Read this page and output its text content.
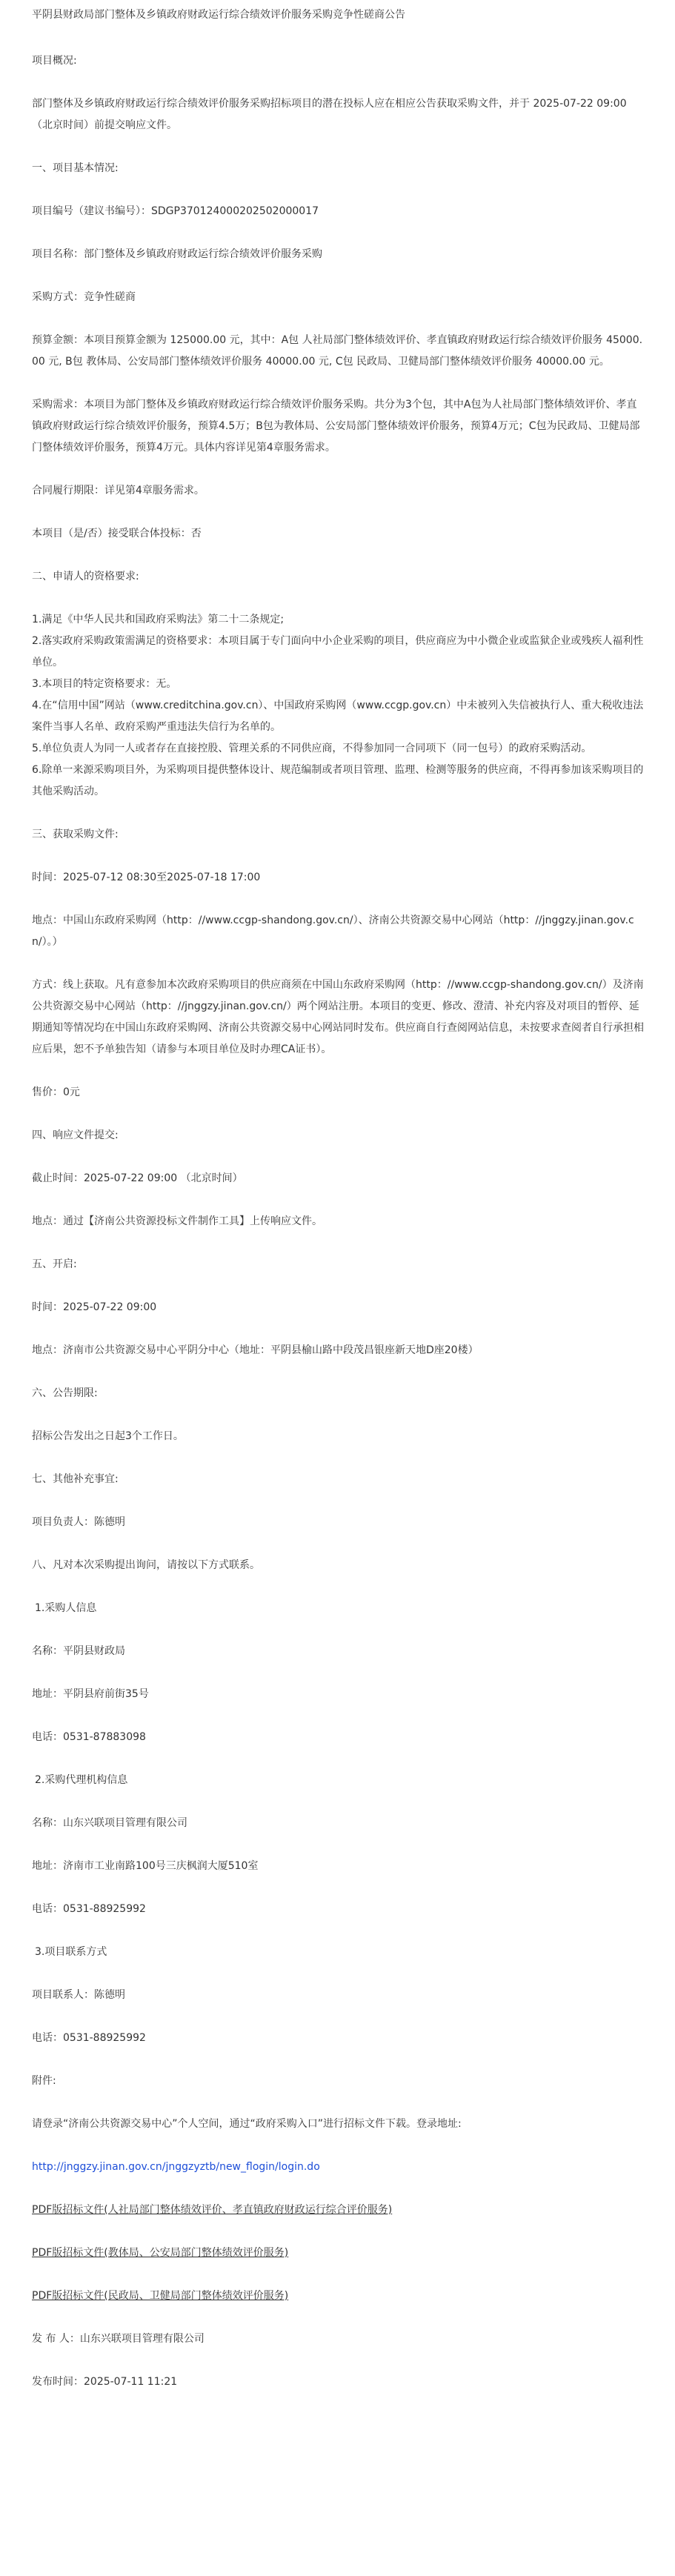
平阴县财政局部门整体及乡镇政府财政运行综合绩效评价服务采购竞争性磋商公告
项目概况:
部门整体及乡镇政府财政运行综合绩效评价服务采购招标项目的潜在投标人应在相应公告获取采购文件，并于 2025-07-22 09:00 （北京时间）前提交响应文件。
一、项目基本情况:
项目编号（建议书编号）：SDGP370124000202502000017
项目名称：部门整体及乡镇政府财政运行综合绩效评价服务采购
采购方式：竞争性磋商
预算金额：本项目预算金额为 125000.00 元，其中：A包 人社局部门整体绩效评价、孝直镇政府财政运行综合绩效评价服务 45000.00 元, B包 教体局、公安局部门整体绩效评价服务 40000.00 元, C包 民政局、卫健局部门整体绩效评价服务 40000.00 元。
采购需求：本项目为部门整体及乡镇政府财政运行综合绩效评价服务采购。共分为3个包，其中A包为人社局部门整体绩效评价、孝直镇政府财政运行综合绩效评价服务，预算4.5万；B包为教体局、公安局部门整体绩效评价服务，预算4万元；C包为民政局、卫健局部门整体绩效评价服务，预算4万元。具体内容详见第4章服务需求。
合同履行期限：详见第4章服务需求。
本项目（是/否）接受联合体投标：否
二、申请人的资格要求:
1.满足《中华人民共和国政府采购法》第二十二条规定;
2.落实政府采购政策需满足的资格要求：本项目属于专门面向中小企业采购的项目，供应商应为中小微企业或监狱企业或残疾人福利性单位。
3.本项目的特定资格要求：无。
4.在“信用中国”网站（www.creditchina.gov.cn）、中国政府采购网（www.ccgp.gov.cn）中未被列入失信被执行人、重大税收违法案件当事人名单、政府采购严重违法失信行为名单的。
5.单位负责人为同一人或者存在直接控股、管理关系的不同供应商，不得参加同一合同项下（同一包号）的政府采购活动。
6.除单一来源采购项目外，为采购项目提供整体设计、规范编制或者项目管理、监理、检测等服务的供应商，不得再参加该采购项目的其他采购活动。
三、获取采购文件:
时间：2025-07-12 08:30至2025-07-18 17:00
地点：中国山东政府采购网（http：//www.ccgp-shandong.gov.cn/）、济南公共资源交易中心网站（http：//jnggzy.jinan.gov.cn/）。）
方式：线上获取。凡有意参加本次政府采购项目的供应商须在中国山东政府采购网（http：//www.ccgp-shandong.gov.cn/）及济南公共资源交易中心网站（http：//jnggzy.jinan.gov.cn/）两个网站注册。本项目的变更、修改、澄清、补充内容及对项目的暂停、延期通知等情况均在中国山东政府采购网、济南公共资源交易中心网站同时发布。供应商自行查阅网站信息，未按要求查阅者自行承担相应后果，恕不予单独告知（请参与本项目单位及时办理CA证书）。
售价：0元
四、响应文件提交:
截止时间：2025-07-22 09:00 （北京时间）
地点：通过【济南公共资源投标文件制作工具】上传响应文件。
五、开启:
时间：2025-07-22 09:00
地点：济南市公共资源交易中心平阴分中心（地址：平阴县榆山路中段茂昌银座新天地D座20楼）
六、公告期限:
招标公告发出之日起3个工作日。
七、其他补充事宜:
项目负责人：陈德明
八、凡对本次采购提出询问，请按以下方式联系。
1.采购人信息
名称：平阴县财政局
地址：平阴县府前街35号
电话：0531-87883098
2.采购代理机构信息
名称：山东兴联项目管理有限公司
地址：济南市工业南路100号三庆枫润大厦510室
电话：0531-88925992
3.项目联系方式
项目联系人：陈德明
电话：0531-88925992
附件:
请登录“济南公共资源交易中心”个人空间，通过“政府采购入口”进行招标文件下载。登录地址:
http://jnggzy.jinan.gov.cn/jnggzyztb/new_flogin/login.do
PDF版招标文件(人社局部门整体绩效评价、孝直镇政府财政运行综合评价服务)
PDF版招标文件(教体局、公安局部门整体绩效评价服务)
PDF版招标文件(民政局、卫健局部门整体绩效评价服务)
发 布 人：山东兴联项目管理有限公司
发布时间：2025-07-11 11:21
